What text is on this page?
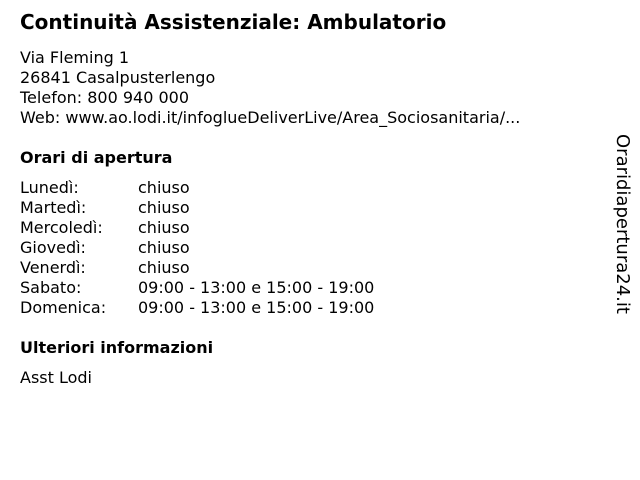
Continuità Assistenziale: Ambulatorio
Via Fleming 1
26841 Casalpusterlengo
Telefon: 800 940 000
Web: www.ao.lodi.it/infoglueDeliverLive/Area_Sociosanitaria/...
Orari di apertura
Lunedì:	chiuso
Martedì:	chiuso
Mercoledì:	chiuso
Giovedì:	chiuso
Venerdì:	chiuso
Sabato:	09:00 - 13:00 e 15:00 - 19:00
Domenica:	09:00 - 13:00 e 15:00 - 19:00
Ulteriori informazioni
Asst Lodi
Oraridiapertura24.it
